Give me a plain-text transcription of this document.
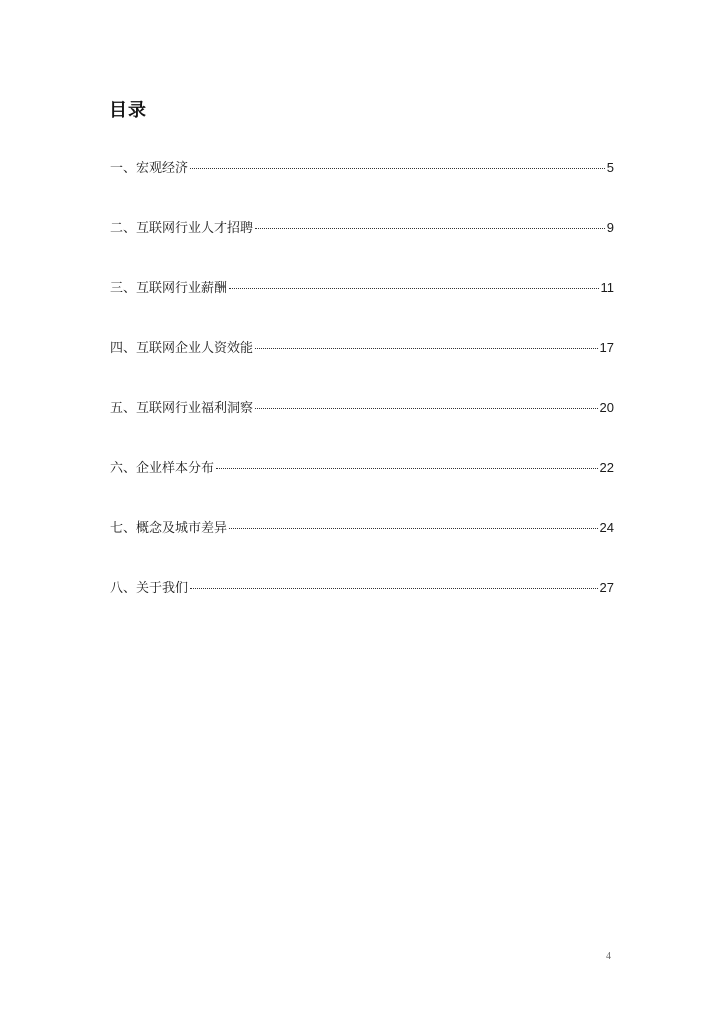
目录
一、 宏观经济	5
二、 互联网行业人才招聘	9
三、 互联网行业薪酬	11
四、 互联网企业人资效能	17
五、 互联网行业福利洞察	20
六、 企业样本分布	22
七、 概念及城市差异	24
八、 关于我们	27
4
